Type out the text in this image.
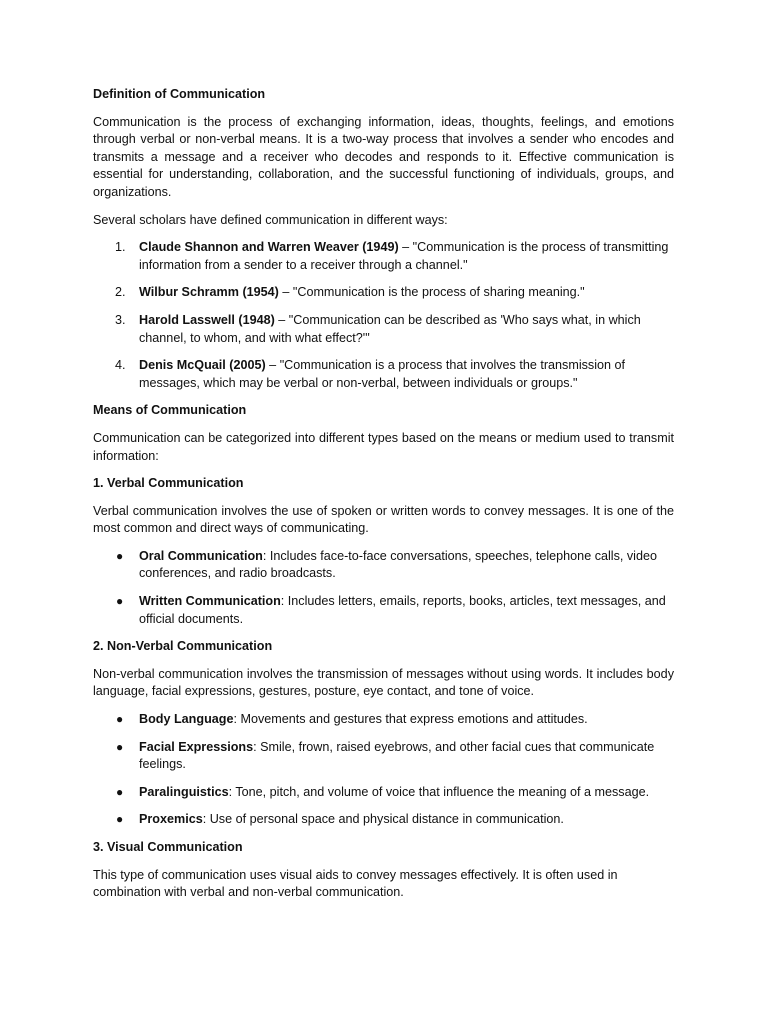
Definition of Communication

Communication is the process of exchanging information, ideas, thoughts, feelings, and emotions through verbal or non-verbal means. It is a two-way process that involves a sender who encodes and transmits a message and a receiver who decodes and responds to it. Effective communication is essential for understanding, collaboration, and the successful functioning of individuals, groups, and organizations.

Several scholars have defined communication in different ways:

1. Claude Shannon and Warren Weaver (1949) – "Communication is the process of transmitting information from a sender to a receiver through a channel."
2. Wilbur Schramm (1954) – "Communication is the process of sharing meaning."
3. Harold Lasswell (1948) – "Communication can be described as 'Who says what, in which channel, to whom, and with what effect?'"
4. Denis McQuail (2005) – "Communication is a process that involves the transmission of messages, which may be verbal or non-verbal, between individuals or groups."
Means of Communication

Communication can be categorized into different types based on the means or medium used to transmit information:

1. Verbal Communication

Verbal communication involves the use of spoken or written words to convey messages. It is one of the most common and direct ways of communicating.

● Oral Communication: Includes face-to-face conversations, speeches, telephone calls, video conferences, and radio broadcasts.
● Written Communication: Includes letters, emails, reports, books, articles, text messages, and official documents.
2. Non-Verbal Communication

Non-verbal communication involves the transmission of messages without using words. It includes body language, facial expressions, gestures, posture, eye contact, and tone of voice.

● Body Language: Movements and gestures that express emotions and attitudes.
● Facial Expressions: Smile, frown, raised eyebrows, and other facial cues that communicate feelings.
● Paralinguistics: Tone, pitch, and volume of voice that influence the meaning of a message.
● Proxemics: Use of personal space and physical distance in communication.
3. Visual Communication

This type of communication uses visual aids to convey messages effectively. It is often used in combination with verbal and non-verbal communication.
